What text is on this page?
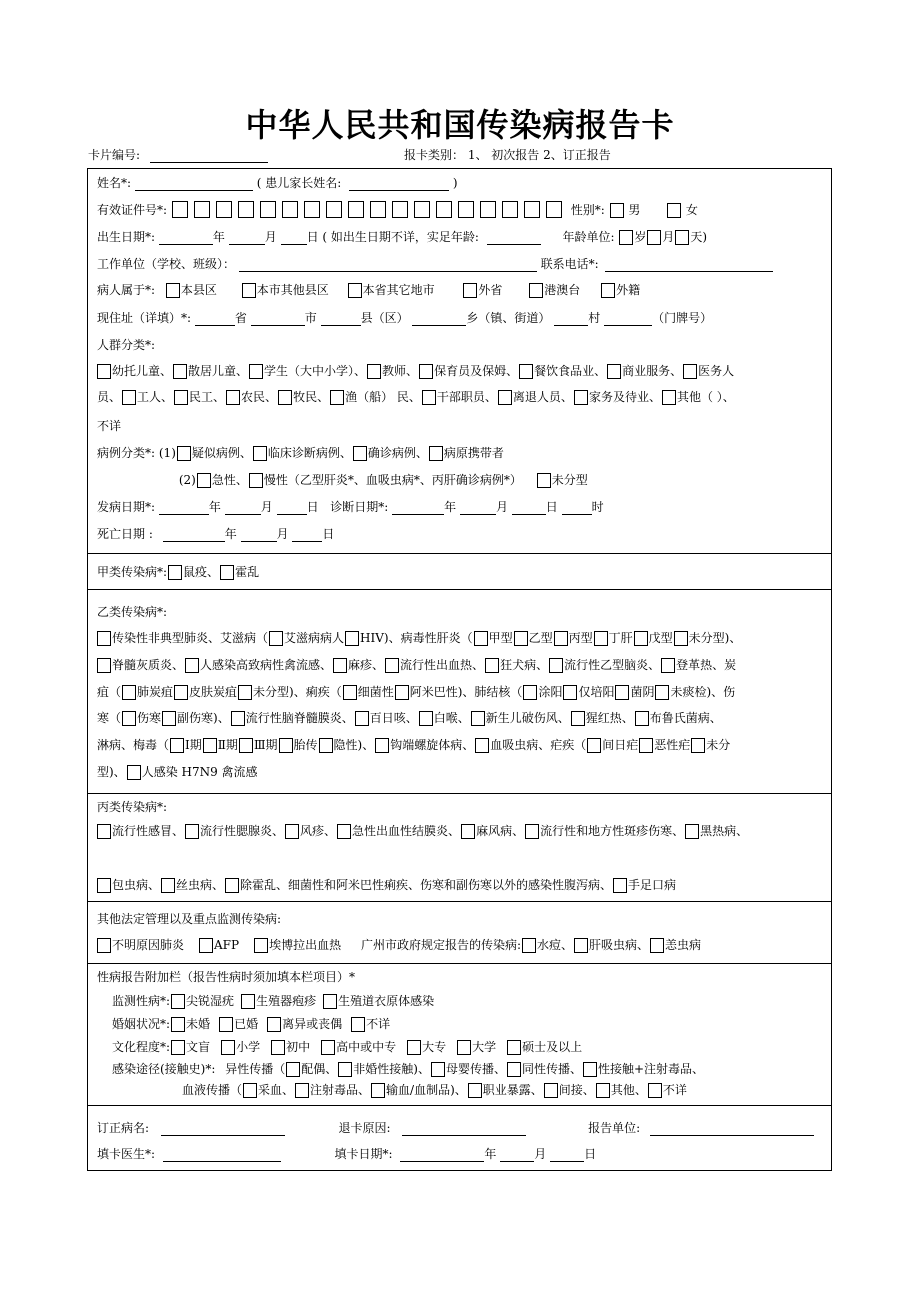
中华人民共和国传染病报告卡
卡片编号:	报卡类别： 1、 初次报告 2、订正报告
姓名*:	( 患儿家长姓名:	)
有效证件号*:	性别*: 男	女
出生日期*:	年	月 日 ( 如出生日期不详，实足年龄:	年龄单位: 岁 月 天)
工作单位（学校、班级）：	联系电话*:
病人属于*: 本县区	本市其他县区	本省其它地市	外省	港澳台	外籍
现住址（详填）*:	省	市	县（区）	乡（镇、街道）	村	（门牌号）
人群分类*:
幼托儿童、 散居儿童、 学生（大中小学）、 教师、 保育员及保姆、 餐饮食品业、 商业服务、 医务人
员、 工人、 民工、 农民、 牧民、 渔（船） 民、 干部职员、 离退人员、 家务及待业、 其他（ ）、
不详
病例分类*: (1) 疑似病例、 临床诊断病例、 确诊病例、 病原携带者
(2) 急性、 慢性（乙型肝炎*、血吸虫病*、丙肝确诊病例*） 未分型
发病日期*:	年	月	日 诊断日期*:	年	月	日	时
死亡日期 :	年	月	日
甲类传染病*: 鼠疫、 霍乱
乙类传染病*:
传染性非典型肺炎、艾滋病（ 艾滋病病人 HIV)、病毒性肝炎（ 甲型 乙型 丙型 丁肝 戊型 未分型)、
脊髓灰质炎、 人感染高致病性禽流感、 麻疹、 流行性出血热、 狂犬病、 流行性乙型脑炎、 登革热、炭
疽（ 肺炭疽 皮肤炭疽 未分型)、痢疾（ 细菌性 阿米巴性)、肺结核（ 涂阳 仅培阳 菌阴 未痰检)、伤
寒（ 伤寒 副伤寒)、 流行性脑脊髓膜炎、 百日咳、 白喉、 新生儿破伤风、 猩红热、 布鲁氏菌病、
淋病、梅毒（ Ⅰ期 Ⅱ期 Ⅲ期 胎传 隐性)、 钩端螺旋体病、 血吸虫病、疟疾（ 间日疟 恶性疟 未分
型)、 人感染 H7N9 禽流感
丙类传染病*:
流行性感冒、 流行性腮腺炎、 风疹、 急性出血性结膜炎、 麻风病、 流行性和地方性斑疹伤寒、 黑热病、
包虫病、 丝虫病、 除霍乱、细菌性和阿米巴性痢疾、伤寒和副伤寒以外的感染性腹泻病、 手足口病
其他法定管理以及重点监测传染病:
不明原因肺炎	AFP	埃博拉出血热 广州市政府规定报告的传染病: 水痘、 肝吸虫病、 恙虫病
性病报告附加栏（报告性病时须加填本栏项目）*
监测性病*: 尖锐湿疣 生殖器疱疹 生殖道衣原体感染
婚姻状况*: 未婚 已婚 离异或丧偶 不详
文化程度*: 文盲 小学 初中 高中或中专 大专 大学 硕士及以上
感染途径(接触史)*: 异性传播（ 配偶、 非婚性接触)、 母婴传播、 同性传播、 性接触+注射毒品、
血液传播（ 采血、 注射毒品、 输血/血制品)、 职业暴露、 间接、 其他、 不详
订正病名:	退卡原因:	报告单位:
填卡医生*:	填卡日期*:	年	月	日
